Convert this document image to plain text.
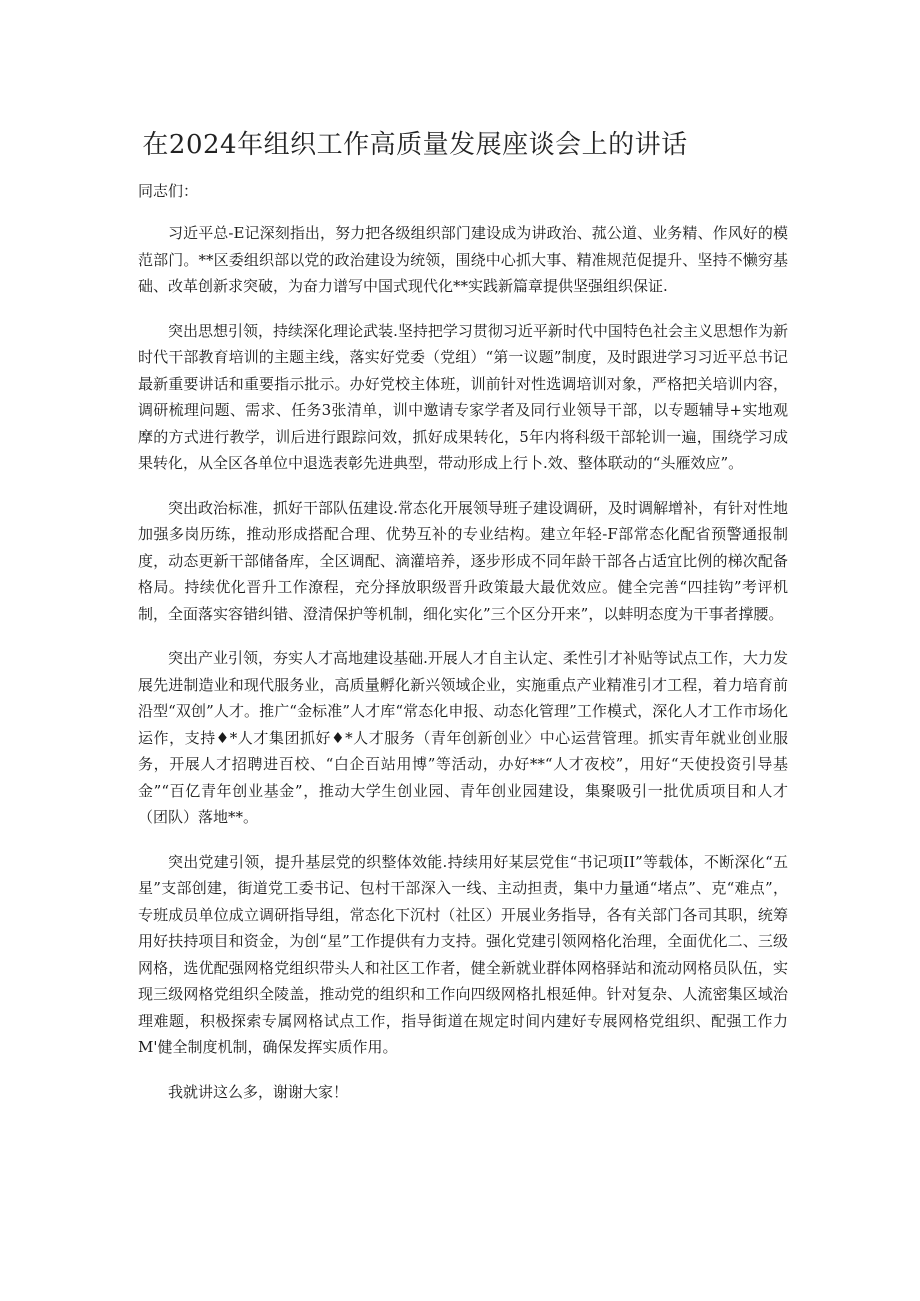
在2024年组织工作高质量发展座谈会上的讲话

同志们：

习近平总-E记深刻指出，努力把各级组织部门建设成为讲政治、菰公道、业务精、作风好的模范部门。**区委组织部以党的政治建设为统领，围绕中心抓大事、精准规范促提升、坚持不懒穷基础、改革创新求突破，为奋力谱写中国式现代化**实践新篇章提供坚强组织保证.

突出思想引领，持续深化理论武装.坚持把学习贯彻习近平新时代中国特色社会主义思想作为新时代干部教育培训的主题主线，落实好党委（党组）“第一议题”制度，及时跟进学习习近平总书记最新重要讲话和重要指示批示。办好党校主体班，训前针对性选调培训对象，严格把关培训内容，调研梳理问题、需求、任务3张清单，训中邀请专家学者及同行业领导干部，以专题辅导+实地观摩的方式进行教学，训后进行跟踪问效，抓好成果转化，5年内将科级干部轮训一遍，围绕学习成果转化，从全区各单位中退选表彰先进典型，带动形成上行卜.效、整体联动的“头雁效应”。

突出政治标准，抓好干部队伍建设.常态化开展领导班子建设调研，及时调解增补，有针对性地加强多岗历练，推动形成搭配合理、优势互补的专业结构。建立年轻-F部常态化配省预警通报制度，动态更新干部储备库，全区调配、滴灌培养，逐步形成不同年龄干部各占适宜比例的梯次配备格局。持续优化晋升工作潦程，充分择放职级晋升政策最大最优效应。健全完善“四挂钩”考评机制，全面落实容错纠错、澄清保护等机制，细化实化”三个区分开来”，以蚌明态度为干事者撑腰。

突出产业引领，夯实人才高地建设基础.开展人才自主认定、柔性引才补贴等试点工作，大力发展先进制造业和现代服务业，高质量孵化新兴领域企业，实施重点产业精准引才工程，着力培育前沿型“双创”人才。推广“金标准”人才库“常态化申报、动态化管理”工作模式，深化人才工作市场化运作，支持♦*人才集团抓好♦*人才服务（青年创新创业〉中心运营管理。抓实青年就业创业服务，开展人才招聘进百校、“白企百站用博”等活动，办好**“人才夜校”，用好“天使投资引导基金”“百亿青年创业基金”，推动大学生创业园、青年创业园建设，集聚吸引一批优质项目和人才（团队）落地**。

突出党建引领，提升基层党的织整体效能.持续用好某层党隹“书记项II”等载体，不断深化“五星”支部创建，街道党工委书记、包村干部深入一线、主动担责，集中力量通“堵点”、克“难点”，专班成员单位成立调研指导组，常态化下沉村（社区）开展业务指导，各有关部门各司其职，统筹用好扶持项目和资金，为创“星”工作提供有力支持。强化党建引领网格化治理，全面优化二、三级网格，选优配强网格党组织带头人和社区工作者，健全新就业群体网格驿站和流动网格员队伍，实现三级网格党组织全陵盖，推动党的组织和工作向四级网格扎根延伸。针对复杂、人流密集区域治理难题，积极探索专属网格试点工作，指导街道在规定时间内建好专展网格党组织、配强工作力M'健全制度机制，确保发挥实质作用。

我就讲这么多，谢谢大家！
